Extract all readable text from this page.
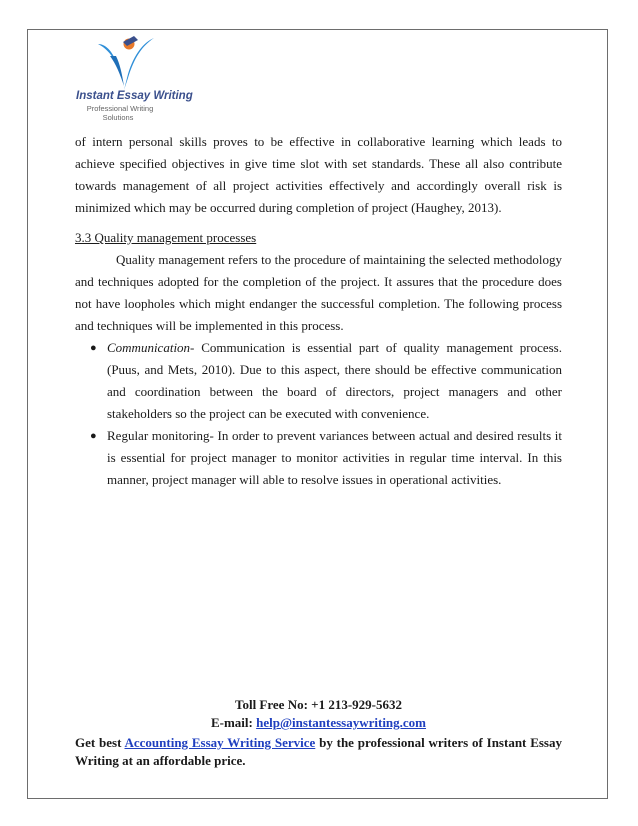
Instant Essay Writing
Professional Writing
Solutions

of intern personal skills proves to be effective in collaborative learning which leads to achieve specified objectives in give time slot with set standards. These all also contribute towards management of all project activities effectively and accordingly overall risk is minimized which may be occurred during completion of project (Haughey, 2013).

3.3 Quality management processes

Quality management refers to the procedure of maintaining the selected methodology and techniques adopted for the completion of the project. It assures that the procedure does not have loopholes which might endanger the successful completion. The following process and techniques will be implemented in this process.

● Communication- Communication is essential part of quality management process. (Puus, and Mets, 2010). Due to this aspect, there should be effective communication and coordination between the board of directors, project managers and other stakeholders so the project can be executed with convenience.
● Regular monitoring- In order to prevent variances between actual and desired results it is essential for project manager to monitor activities in regular time interval. In this manner, project manager will able to resolve issues in operational activities.
Toll Free No: +1 213-929-5632
E-mail: help@instantessaywriting.com
Get best Accounting Essay Writing Service by the professional writers of Instant Essay Writing at an affordable price.
